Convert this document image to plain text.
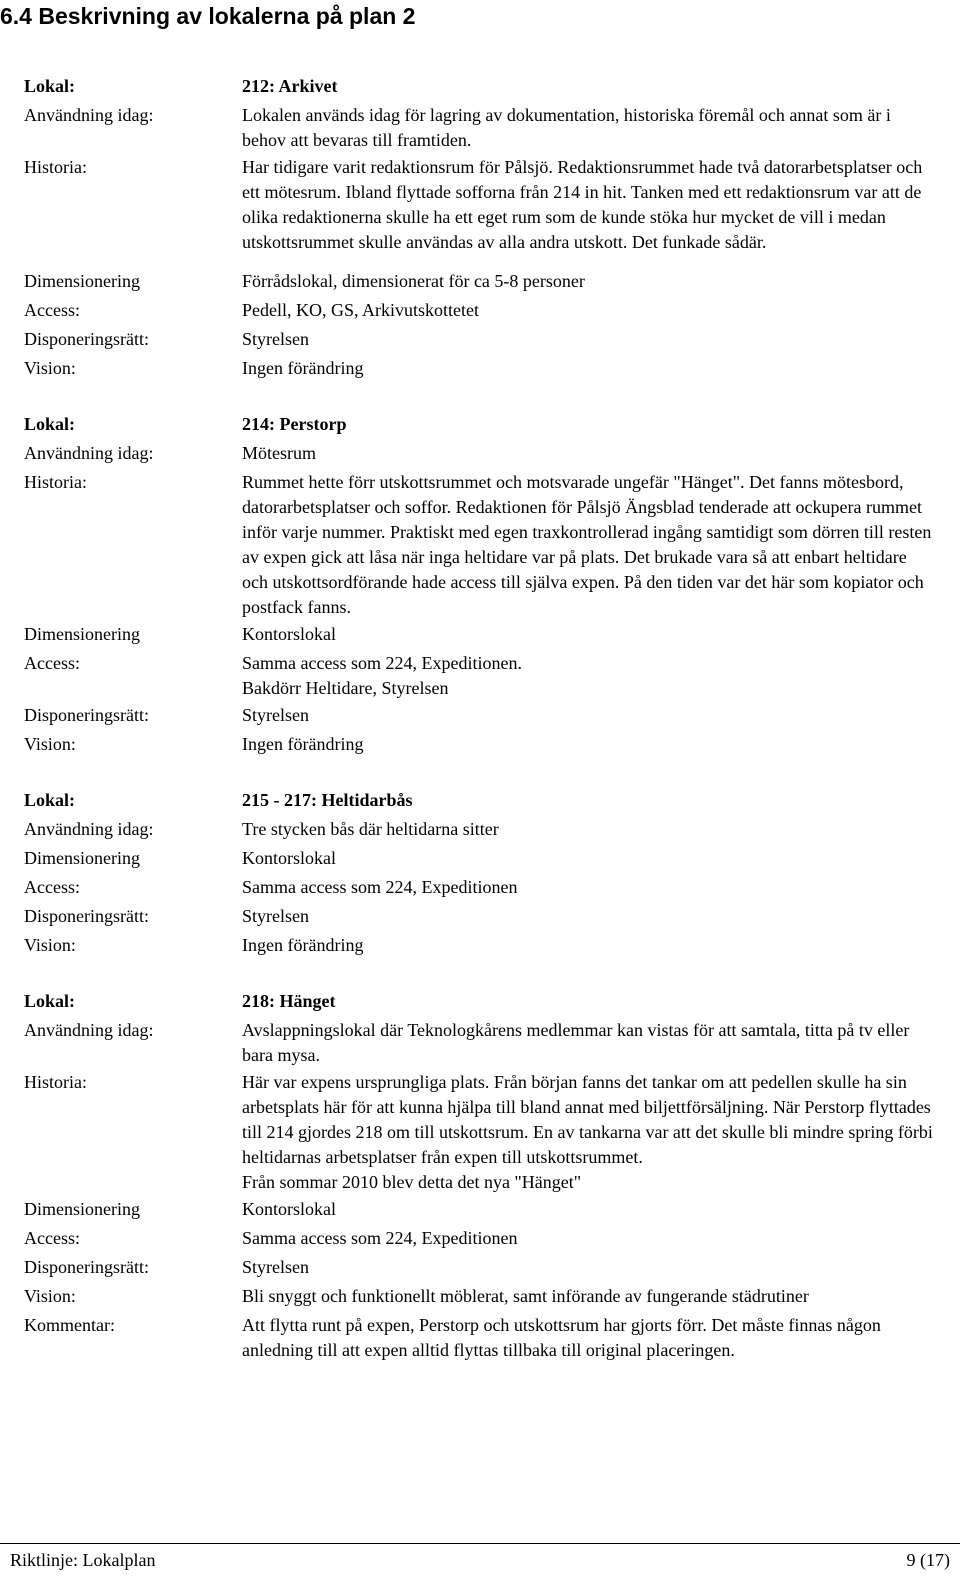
6.4 Beskrivning av lokalerna på plan 2
Lokal:	212: Arkivet
Användning idag:	Lokalen används idag för lagring av dokumentation, historiska föremål och annat som är i behov att bevaras till framtiden.
Historia:	Har tidigare varit redaktionsrum för Pålsjö. Redaktionsrummet hade två datorarbetsplatser och ett mötesrum. Ibland flyttade sofforna från 214 in hit. Tanken med ett redaktionsrum var att de olika redaktionerna skulle ha ett eget rum som de kunde stöka hur mycket de vill i medan utskottsrummet skulle användas av alla andra utskott. Det funkade sådär.
Dimensionering	Förrådslokal, dimensionerat för ca 5-8 personer
Access:	Pedell, KO, GS, Arkivutskottetet
Disponeringsrätt:	Styrelsen
Vision:	Ingen förändring
Lokal:	214: Perstorp
Användning idag:	Mötesrum
Historia:	Rummet hette förr utskottsrummet och motsvarade ungefär "Hänget". Det fanns mötesbord, datorarbetsplatser och soffor. Redaktionen för Pålsjö Ängsblad tenderade att ockupera rummet inför varje nummer. Praktiskt med egen traxkontrollerad ingång samtidigt som dörren till resten av expen gick att låsa när inga heltidare var på plats. Det brukade vara så att enbart heltidare och utskottsordförande hade access till själva expen. På den tiden var det här som kopiator och postfack fanns.
Dimensionering	Kontorslokal
Access:	Samma access som 224, Expeditionen.
Bakdörr Heltidare, Styrelsen
Disponeringsrätt:	Styrelsen
Vision:	Ingen förändring
Lokal:	215 - 217: Heltidarbås
Användning idag:	Tre stycken bås där heltidarna sitter
Dimensionering	Kontorslokal
Access:	Samma access som 224, Expeditionen
Disponeringsrätt:	Styrelsen
Vision:	Ingen förändring
Lokal:	218: Hänget
Användning idag:	Avslappningslokal där Teknologkårens medlemmar kan vistas för att samtala, titta på tv eller bara mysa.
Historia:	Här var expens ursprungliga plats. Från början fanns det tankar om att pedellen skulle ha sin arbetsplats här för att kunna hjälpa till bland annat med biljettförsäljning. När Perstorp flyttades till 214 gjordes 218 om till utskottsrum. En av tankarna var att det skulle bli mindre spring förbi heltidarnas arbetsplatser från expen till utskottsrummet.
Från sommar 2010 blev detta det nya "Hänget"
Dimensionering	Kontorslokal
Access:	Samma access som 224, Expeditionen
Disponeringsrätt:	Styrelsen
Vision:	Bli snyggt och funktionellt möblerat, samt införande av fungerande städrutiner
Kommentar:	Att flytta runt på expen, Perstorp och utskottsrum har gjorts förr. Det måste finnas någon anledning till att expen alltid flyttas tillbaka till original placeringen.
Riktlinje: Lokalplan	9 (17)
